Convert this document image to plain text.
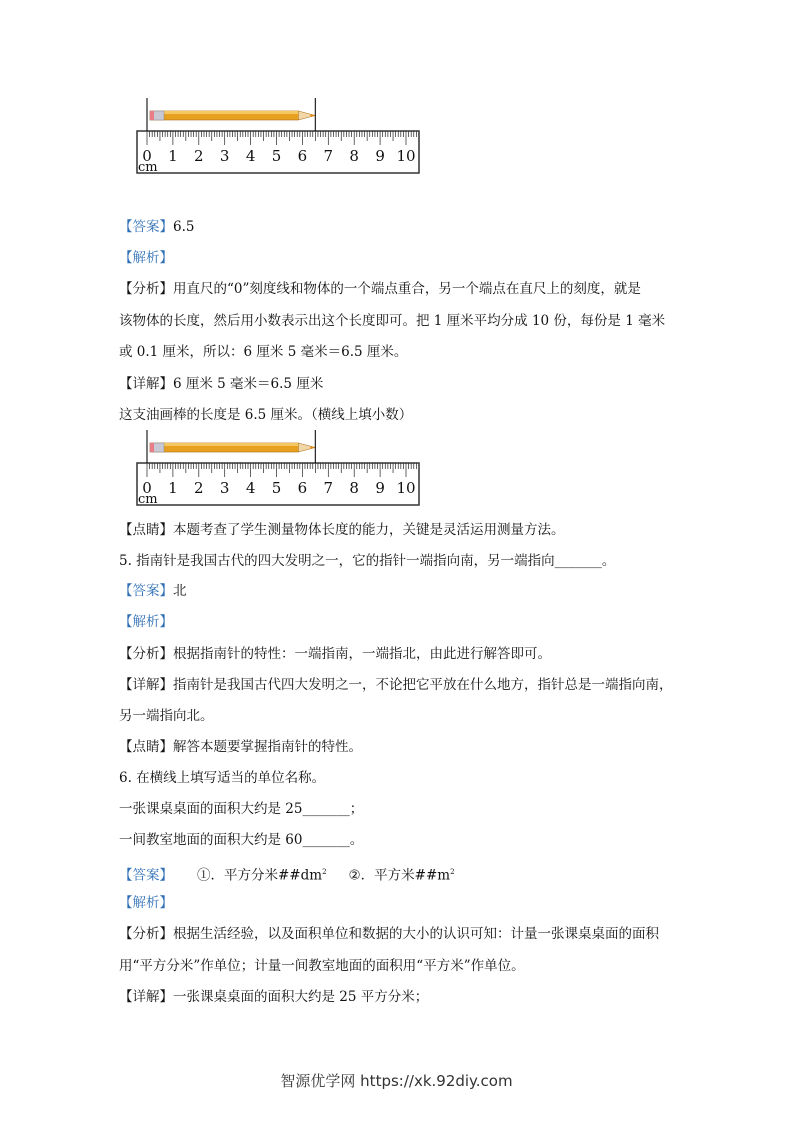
0 1 2 3 4 5 6 7 8 9 10
cm
【答案】6.5
【解析】
【分析】用直尺的“0”刻度线和物体的一个端点重合，另一个端点在直尺上的刻度，就是
该物体的长度，然后用小数表示出这个长度即可。把 1 厘米平均分成 10 份，每份是 1 毫米
或 0.1 厘米，所以：6 厘米 5 毫米＝6.5 厘米。
【详解】6 厘米 5 毫米＝6.5 厘米
这支油画棒的长度是 6.5 厘米。（横线上填小数）
0 1 2 3 4 5 6 7 8 9 10
cm
【点睛】本题考查了学生测量物体长度的能力，关键是灵活运用测量方法。
5. 指南针是我国古代的四大发明之一，它的指针一端指向南，另一端指向_______。
【答案】北
【解析】
【分析】根据指南针的特性：一端指南，一端指北，由此进行解答即可。
【详解】指南针是我国古代四大发明之一，不论把它平放在什么地方，指针总是一端指向南，
另一端指向北。
【点睛】解答本题要掌握指南针的特性。
6. 在横线上填写适当的单位名称。
一张课桌桌面的面积大约是 25_______；
一间教室地面的面积大约是 60_______。
【答案】 ①．平方分米$\#\#dm^2$ ②．平方米$\#\#m^2$
【解析】
【分析】根据生活经验，以及面积单位和数据的大小的认识可知：计量一张课桌桌面的面积
用“平方分米”作单位；计量一间教室地面的面积用“平方米”作单位。
【详解】一张课桌桌面的面积大约是 25 平方分米；
智源优学网 https://xk.92diy.com
